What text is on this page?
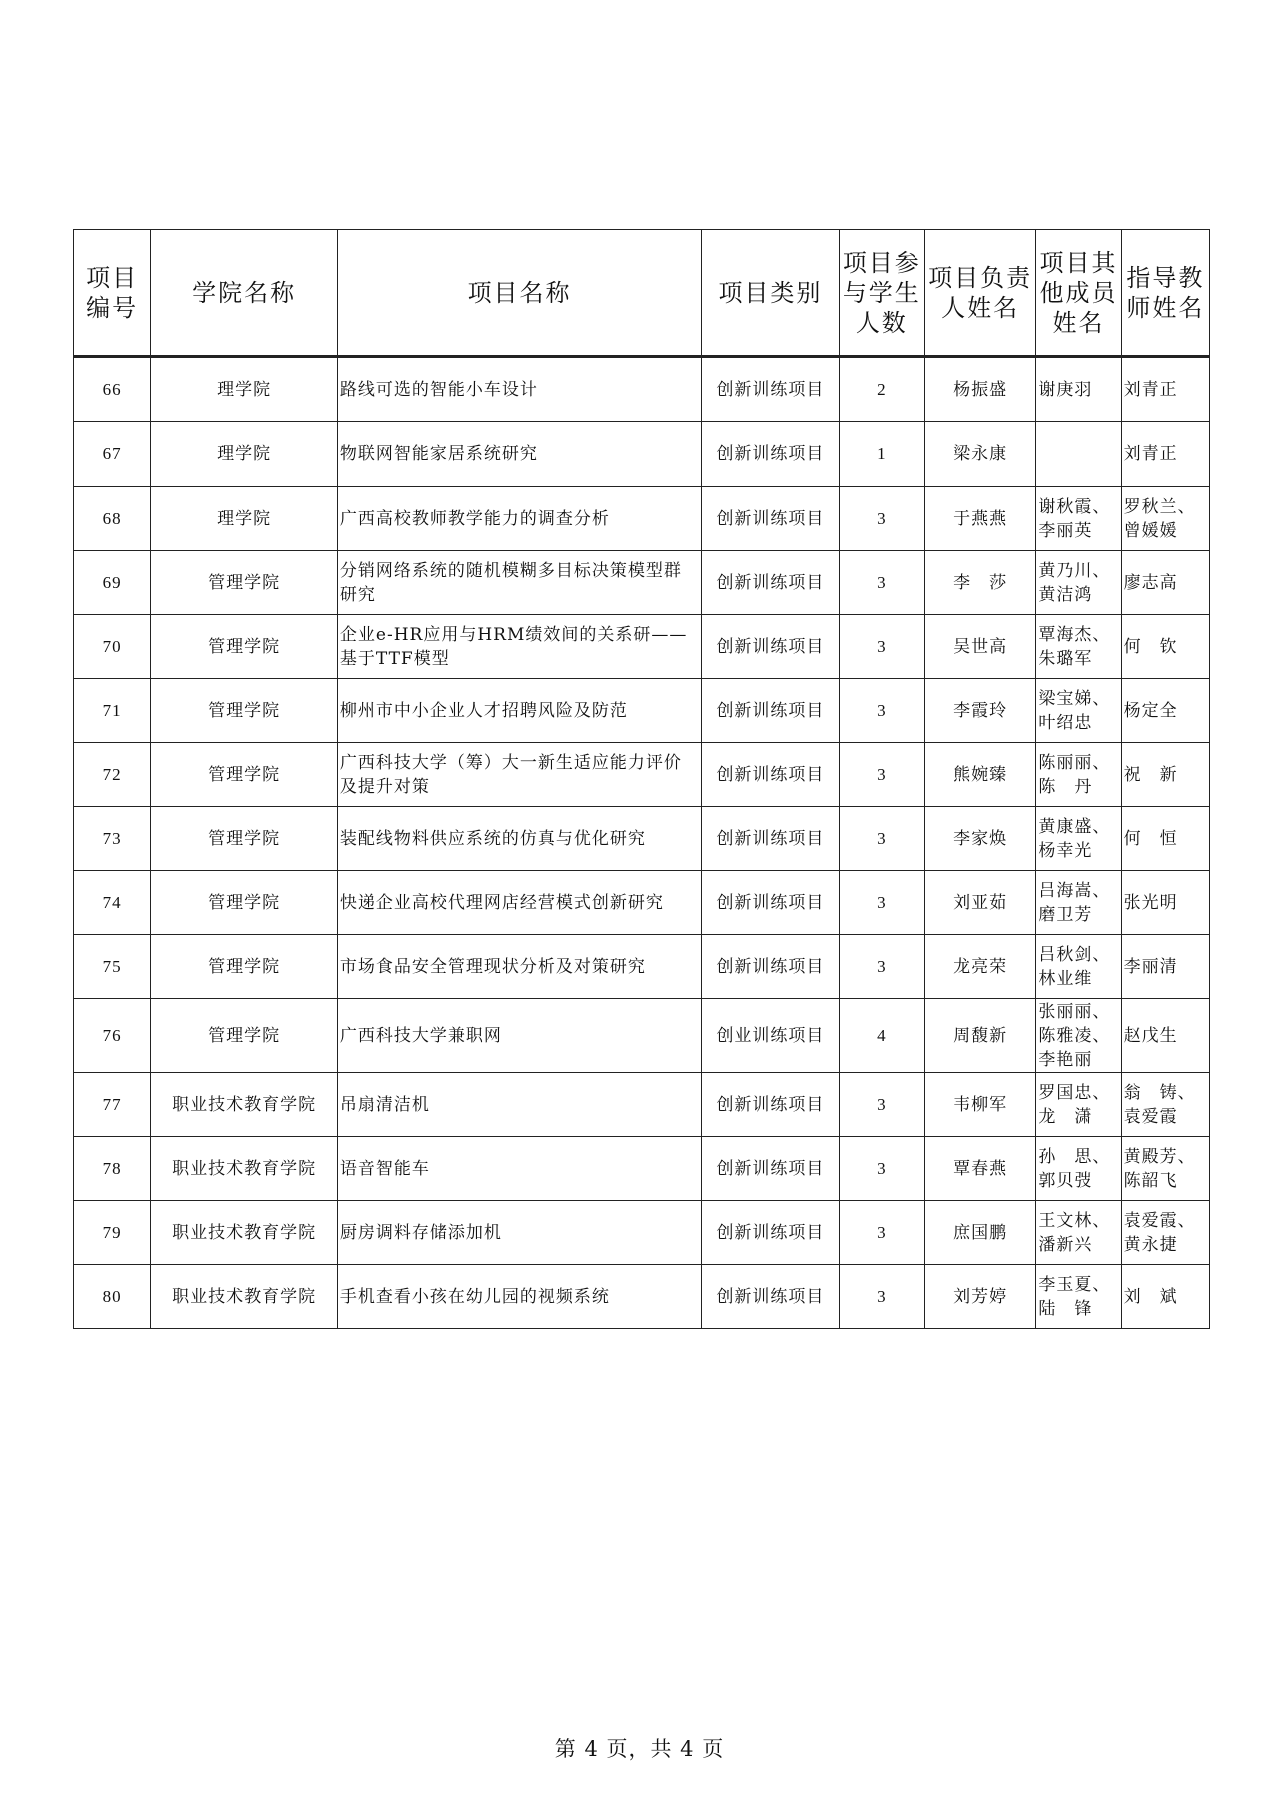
项目编号	学院名称	项目名称	项目类别	项目参与学生人数	项目负责人姓名	项目其他成员姓名	指导教师姓名
66	理学院	路线可选的智能小车设计	创新训练项目	2	杨振盛	谢庚羽	刘青正
67	理学院	物联网智能家居系统研究	创新训练项目	1	梁永康		刘青正
68	理学院	广西高校教师教学能力的调查分析	创新训练项目	3	于燕燕	谢秋霞、李丽英	罗秋兰、曾媛媛
69	管理学院	分销网络系统的随机模糊多目标决策模型群研究	创新训练项目	3	李　莎	黄乃川、黄洁鸿	廖志高
70	管理学院	企业e-HR应用与HRM绩效间的关系研——基于TTF模型	创新训练项目	3	吴世高	覃海杰、朱璐军	何　钦
71	管理学院	柳州市中小企业人才招聘风险及防范	创新训练项目	3	李霞玲	梁宝娣、叶绍忠	杨定全
72	管理学院	广西科技大学（筹）大一新生适应能力评价及提升对策	创新训练项目	3	熊婉臻	陈丽丽、陈　丹	祝　新
73	管理学院	装配线物料供应系统的仿真与优化研究	创新训练项目	3	李家焕	黄康盛、杨幸光	何　恒
74	管理学院	快递企业高校代理网店经营模式创新研究	创新训练项目	3	刘亚茹	吕海嵩、磨卫芳	张光明
75	管理学院	市场食品安全管理现状分析及对策研究	创新训练项目	3	龙亮荣	吕秋剑、林业维	李丽清
76	管理学院	广西科技大学兼职网	创业训练项目	4	周馥新	张丽丽、陈雅凌、李艳丽	赵戊生
77	职业技术教育学院	吊扇清洁机	创新训练项目	3	韦柳军	罗国忠、龙　潇	翁　铸、袁爱霞
78	职业技术教育学院	语音智能车	创新训练项目	3	覃春燕	孙　思、郭贝弢	黄殿芳、陈韶飞
79	职业技术教育学院	厨房调料存储添加机	创新训练项目	3	庶国鹏	王文林、潘新兴	袁爱霞、黄永捷
80	职业技术教育学院	手机查看小孩在幼儿园的视频系统	创新训练项目	3	刘芳婷	李玉夏、陆　锋	刘　斌
第 4 页，共 4 页
